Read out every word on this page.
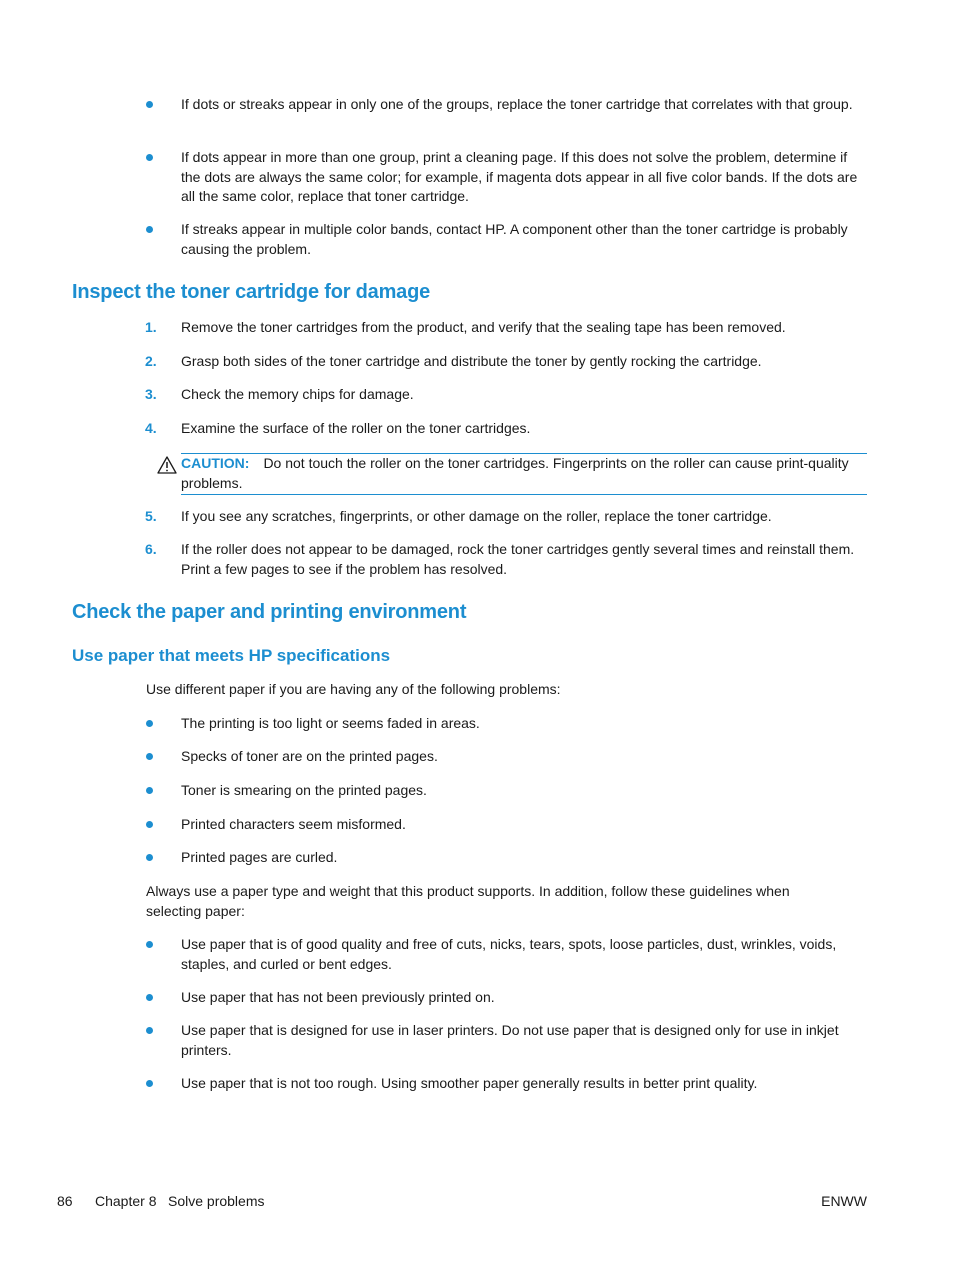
If dots or streaks appear in only one of the groups, replace the toner cartridge that correlates with that group.
If dots appear in more than one group, print a cleaning page. If this does not solve the problem, determine if the dots are always the same color; for example, if magenta dots appear in all five color bands. If the dots are all the same color, replace that toner cartridge.
If streaks appear in multiple color bands, contact HP. A component other than the toner cartridge is probably causing the problem.
Inspect the toner cartridge for damage
1. Remove the toner cartridges from the product, and verify that the sealing tape has been removed.
2. Grasp both sides of the toner cartridge and distribute the toner by gently rocking the cartridge.
3. Check the memory chips for damage.
4. Examine the surface of the roller on the toner cartridges.
CAUTION: Do not touch the roller on the toner cartridges. Fingerprints on the roller can cause print-quality problems.
5. If you see any scratches, fingerprints, or other damage on the roller, replace the toner cartridge.
6. If the roller does not appear to be damaged, rock the toner cartridges gently several times and reinstall them. Print a few pages to see if the problem has resolved.
Check the paper and printing environment
Use paper that meets HP specifications
Use different paper if you are having any of the following problems:
The printing is too light or seems faded in areas.
Specks of toner are on the printed pages.
Toner is smearing on the printed pages.
Printed characters seem misformed.
Printed pages are curled.
Always use a paper type and weight that this product supports. In addition, follow these guidelines when selecting paper:
Use paper that is of good quality and free of cuts, nicks, tears, spots, loose particles, dust, wrinkles, voids, staples, and curled or bent edges.
Use paper that has not been previously printed on.
Use paper that is designed for use in laser printers. Do not use paper that is designed only for use in inkjet printers.
Use paper that is not too rough. Using smoother paper generally results in better print quality.
86 Chapter 8 Solve problems	ENWW
